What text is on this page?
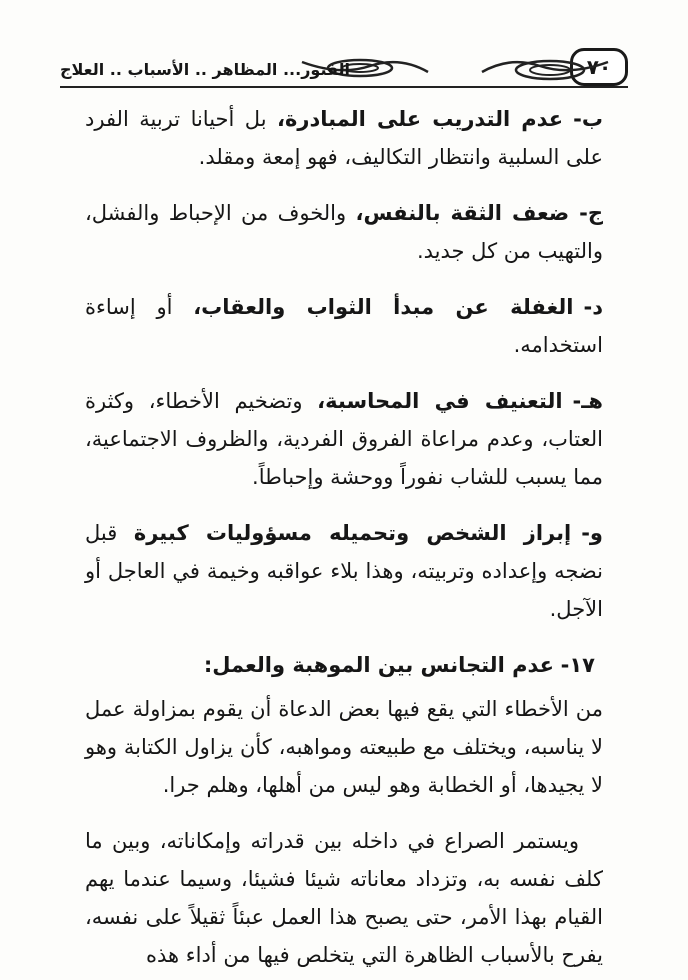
٧٠
الفتور... المظاهر .. الأسباب .. العلاج

ب-عدم التدريب على المبادرة، بل أحيانا تربية الفرد على السلبية وانتظار التكاليف، فهو إمعة ومقلد.

ج-ضعف الثقة بالنفس، والخوف من الإحباط والفشل، والتهيب من كل جديد.

د-الغفلة عن مبدأ الثواب والعقاب، أو إساءة استخدامه.

هـ-التعنيف في المحاسبة، وتضخيم الأخطاء، وكثرة العتاب، وعدم مراعاة الفروق الفردية، والظروف الاجتماعية، مما يسبب للشاب نفوراً ووحشة وإحباطاً.

و-إبراز الشخص وتحميله مسؤوليات كبيرة قبل نضجه وإعداده وتربيته، وهذا بلاء عواقبه وخيمة في العاجل أو الآجل.

١٧- عدم التجانس بين الموهبة والعمل:

من الأخطاء التي يقع فيها بعض الدعاة أن يقوم بمزاولة عمل لا يناسبه، ويختلف مع طبيعته ومواهبه، كأن يزاول الكتابة وهو لا يجيدها، أو الخطابة وهو ليس من أهلها، وهلم جرا.

ويستمر الصراع في داخله بين قدراته وإمكاناته، وبين ما كلف نفسه به، وتزداد معاناته شيئا فشيئا، وسيما عندما يهم القيام بهذا الأمر، حتى يصبح هذا العمل عبئاً ثقيلاً على نفسه، يفرح بالأسباب الظاهرة التي يتخلص فيها من أداء هذه
